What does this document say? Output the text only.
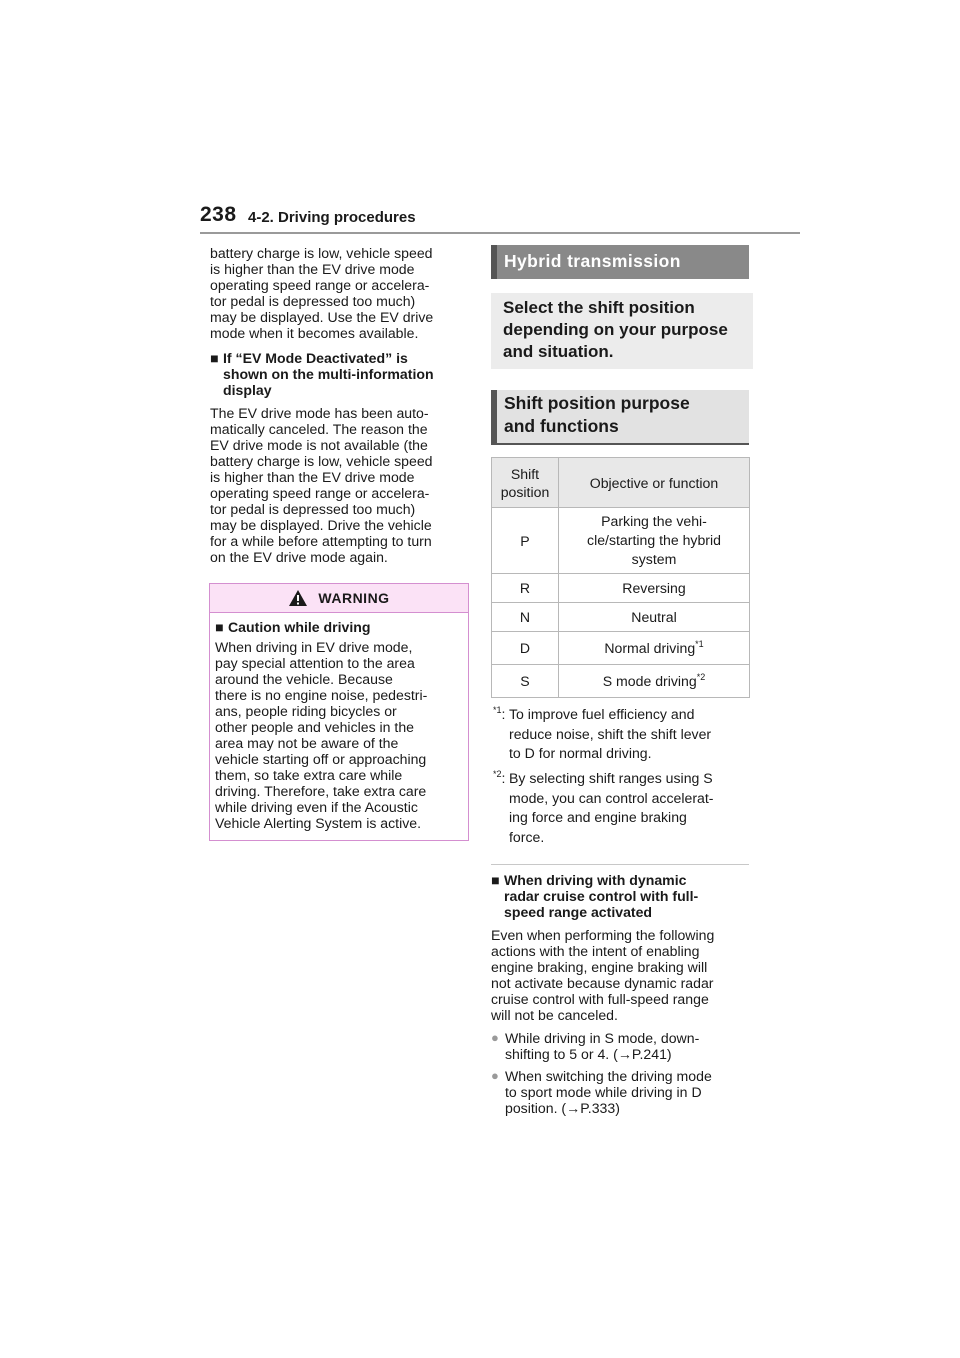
238 4-2. Driving procedures
battery charge is low, vehicle speed
is higher than the EV drive mode
operating speed range or accelera-
tor pedal is depressed too much)
may be displayed. Use the EV drive
mode when it becomes available.
■ If “EV Mode Deactivated” is
shown on the multi-information
display
The EV drive mode has been auto-
matically canceled. The reason the
EV drive mode is not available (the
battery charge is low, vehicle speed
is higher than the EV drive mode
operating speed range or accelera-
tor pedal is depressed too much)
may be displayed. Drive the vehicle
for a while before attempting to turn
on the EV drive mode again.
WARNING
■ Caution while driving
When driving in EV drive mode,
pay special attention to the area
around the vehicle. Because
there is no engine noise, pedestri-
ans, people riding bicycles or
other people and vehicles in the
area may not be aware of the
vehicle starting off or approaching
them, so take extra care while
driving. Therefore, take extra care
while driving even if the Acoustic
Vehicle Alerting System is active.
Hybrid transmission
Select the shift position
depending on your purpose
and situation.
Shift position purpose
and functions
Shift
position	Objective or function
P	Parking the vehi-
cle/starting the hybrid
system

R	Reversing
N	Neutral
D	Normal driving$^{*1}$
S	S mode driving$^{*2}$
$^{*1}$: To improve fuel efficiency and
reduce noise, shift the shift lever
to D for normal driving.
$^{*2}$: By selecting shift ranges using S
mode, you can control accelerat-
ing force and engine braking
force.
■ When driving with dynamic
radar cruise control with full-
speed range activated
Even when performing the following
actions with the intent of enabling
engine braking, engine braking will
not activate because dynamic radar
cruise control with full-speed range
will not be canceled.
● While driving in S mode, down-
shifting to 5 or 4. (→P.241)
● When switching the driving mode
to sport mode while driving in D
position. (→P.333)
